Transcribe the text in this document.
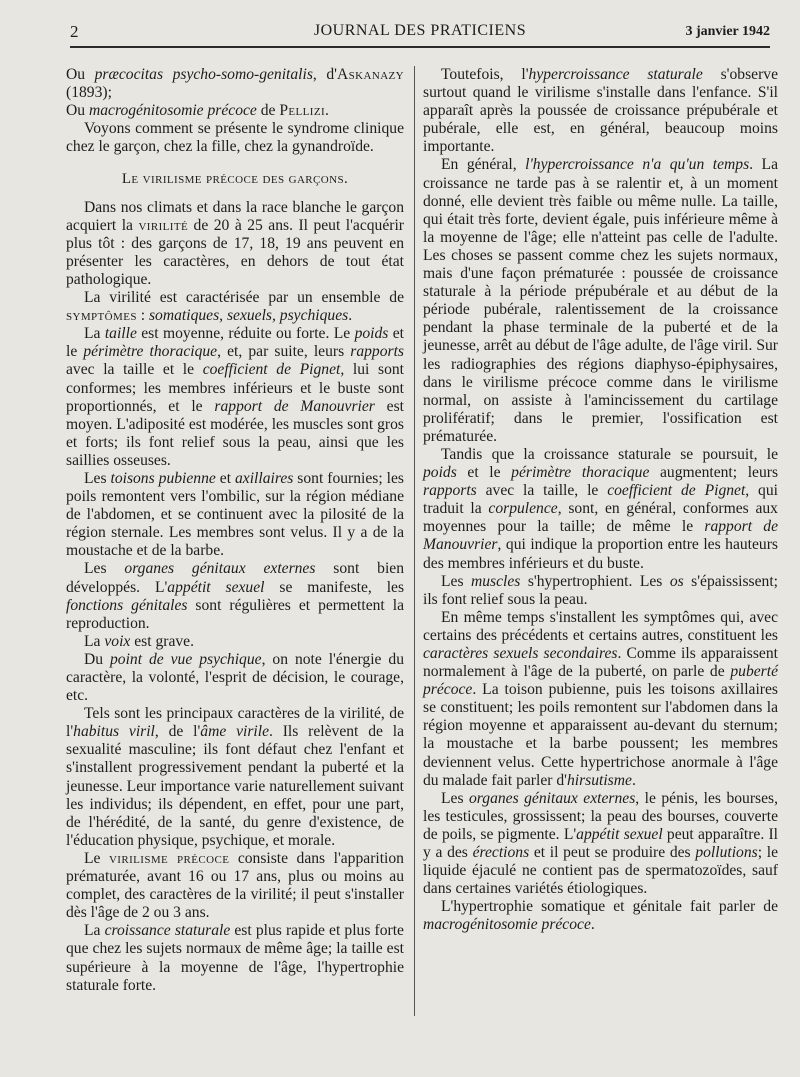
2	JOURNAL DES PRATICIENS	3 janvier 1942

Ou præcocitas psycho-somo-genitalis, d'Askanazy (1893);

Ou macrogénitosomie précoce de Pellizi.

Voyons comment se présente le syndrome clinique chez le garçon, chez la fille, chez la gynandroïde.

Le virilisme précoce des garçons.

Dans nos climats et dans la race blanche le garçon acquiert la virilité de 20 à 25 ans. Il peut l'acquérir plus tôt : des garçons de 17, 18, 19 ans peuvent en présenter les caractères, en dehors de tout état pathologique.

La virilité est caractérisée par un ensemble de symptômes : somatiques, sexuels, psychiques.

La taille est moyenne, réduite ou forte. Le poids et le périmètre thoracique, et, par suite, leurs rapports avec la taille et le coefficient de Pignet, lui sont conformes; les membres inférieurs et le buste sont proportionnés, et le rapport de Manouvrier est moyen. L'adiposité est modérée, les muscles sont gros et forts; ils font relief sous la peau, ainsi que les saillies osseuses.

Les toisons pubienne et axillaires sont fournies; les poils remontent vers l'ombilic, sur la région médiane de l'abdomen, et se continuent avec la pilosité de la région sternale. Les membres sont velus. Il y a de la moustache et de la barbe.

Les organes génitaux externes sont bien développés. L'appétit sexuel se manifeste, les fonctions génitales sont régulières et permettent la reproduction.

La voix est grave.

Du point de vue psychique, on note l'énergie du caractère, la volonté, l'esprit de décision, le courage, etc.

Tels sont les principaux caractères de la virilité, de l'habitus viril, de l'âme virile. Ils relèvent de la sexualité masculine; ils font défaut chez l'enfant et s'installent progressivement pendant la puberté et la jeunesse. Leur importance varie naturellement suivant les individus; ils dépendent, en effet, pour une part, de l'hérédité, de la santé, du genre d'existence, de l'éducation physique, psychique, et morale.

Le virilisme précoce consiste dans l'apparition prématurée, avant 16 ou 17 ans, plus ou moins au complet, des caractères de la virilité; il peut s'installer dès l'âge de 2 ou 3 ans.

La croissance staturale est plus rapide et plus forte que chez les sujets normaux de même âge; la taille est supérieure à la moyenne de l'âge, l'hypertrophie staturale forte.

Toutefois, l'hypercroissance staturale s'observe surtout quand le virilisme s'installe dans l'enfance. S'il apparaît après la poussée de croissance prépubérale et pubérale, elle est, en général, beaucoup moins importante.

En général, l'hypercroissance n'a qu'un temps. La croissance ne tarde pas à se ralentir et, à un moment donné, elle devient très faible ou même nulle. La taille, qui était très forte, devient égale, puis inférieure même à la moyenne de l'âge; elle n'atteint pas celle de l'adulte. Les choses se passent comme chez les sujets normaux, mais d'une façon prématurée : poussée de croissance staturale à la période prépubérale et au début de la période pubérale, ralentissement de la croissance pendant la phase terminale de la puberté et de la jeunesse, arrêt au début de l'âge adulte, de l'âge viril. Sur les radiographies des régions diaphyso-épiphysaires, dans le virilisme précoce comme dans le virilisme normal, on assiste à l'amincissement du cartilage prolifératif; dans le premier, l'ossification est prématurée.

Tandis que la croissance staturale se poursuit, le poids et le périmètre thoracique augmentent; leurs rapports avec la taille, le coefficient de Pignet, qui traduit la corpulence, sont, en général, conformes aux moyennes pour la taille; de même le rapport de Manouvrier, qui indique la proportion entre les hauteurs des membres inférieurs et du buste.

Les muscles s'hypertrophient. Les os s'épaississent; ils font relief sous la peau.

En même temps s'installent les symptômes qui, avec certains des précédents et certains autres, constituent les caractères sexuels secondaires. Comme ils apparaissent normalement à l'âge de la puberté, on parle de puberté précoce. La toison pubienne, puis les toisons axillaires se constituent; les poils remontent sur l'abdomen dans la région moyenne et apparaissent au-devant du sternum; la moustache et la barbe poussent; les membres deviennent velus. Cette hypertrichose anormale à l'âge du malade fait parler d'hirsutisme.

Les organes génitaux externes, le pénis, les bourses, les testicules, grossissent; la peau des bourses, couverte de poils, se pigmente. L'appétit sexuel peut apparaître. Il y a des érections et il peut se produire des pollutions; le liquide éjaculé ne contient pas de spermatozoïdes, sauf dans certaines variétés étiologiques.

L'hypertrophie somatique et génitale fait parler de macrogénitosomie précoce.
